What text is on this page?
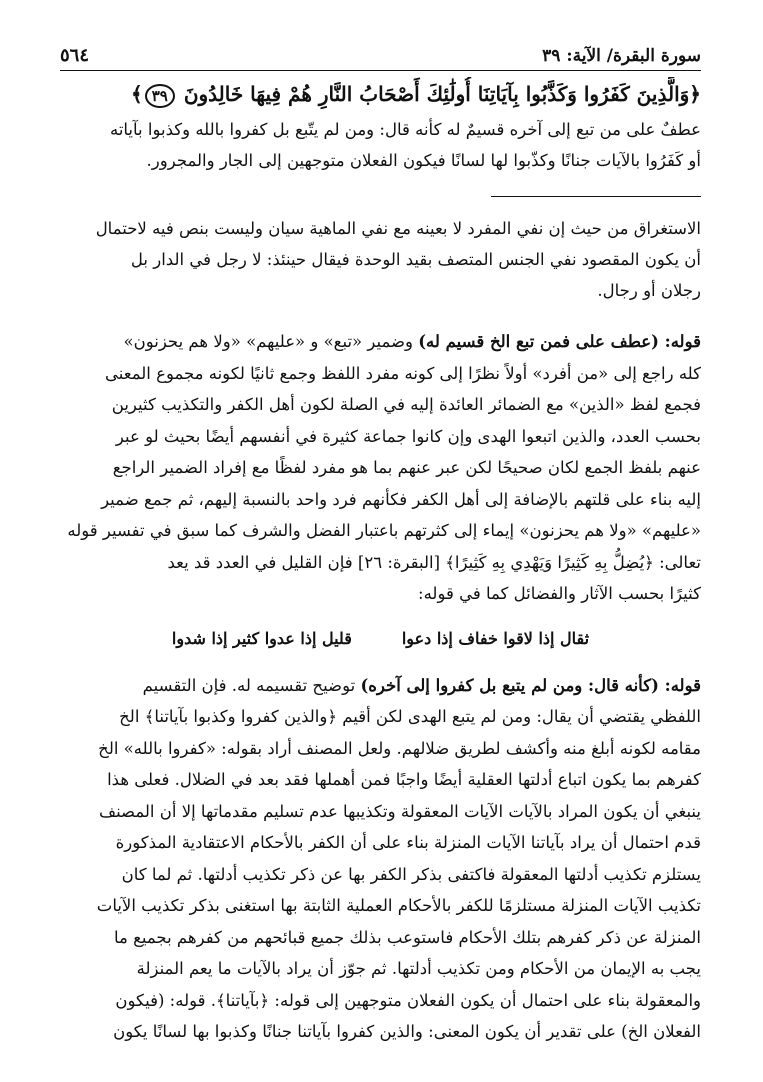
سورة البقرة/ الآية: ٣٩
٥٦٤
﴿وَالَّذِينَ كَفَرُوا وَكَذَّبُوا بِآيَاتِنَا أُولَٰئِكَ أَصْحَابُ النَّارِ هُمْ فِيهَا خَالِدُونَ ٣٩﴾

عطفٌ على من تبع إلى آخره قسيمٌ له كأنه قال: ومن لم يتّبع بل كفروا بالله وكذبوا بآياته

أو كَفَرُوا بالآيات جنانًا وكذّبوا لها لسانًا فيكون الفعلان متوجهين إلى الجار والمجرور.

الاستغراق من حيث إن نفي المفرد لا بعينه مع نفي الماهية سيان وليست بنص فيه لاحتمال

أن يكون المقصود نفي الجنس المتصف بقيد الوحدة فيقال حينئذ: لا رجل في الدار بل

رجلان أو رجال.

قوله: (عطف على فمن تبع الخ قسيم له) وضمير «تبع» و «عليهم» «ولا هم يحزنون»

كله راجع إلى «من أفرد» أولاً نظرًا إلى كونه مفرد اللفظ وجمع ثانيًا لكونه مجموع المعنى

فجمع لفظ «الذين» مع الضمائر العائدة إليه في الصلة لكون أهل الكفر والتكذيب كثيرين

بحسب العدد، والذين اتبعوا الهدى وإن كانوا جماعة كثيرة في أنفسهم أيضًا بحيث لو عبر

عنهم بلفظ الجمع لكان صحيحًا لكن عبر عنهم بما هو مفرد لفظًا مع إفراد الضمير الراجع

إليه بناء على قلتهم بالإضافة إلى أهل الكفر فكأنهم فرد واحد بالنسبة إليهم، ثم جمع ضمير

«عليهم» «ولا هم يحزنون» إيماء إلى كثرتهم باعتبار الفضل والشرف كما سبق في تفسير قوله

تعالى: ﴿يُضِلُّ بِهِ كَثِيرًا وَيَهْدِي بِهِ كَثِيرًا﴾ [البقرة: ٢٦] فإن القليل في العدد قد يعد

كثيرًا بحسب الآثار والفضائل كما في قوله:

ثقال إذا لاقوا خفاف إذا دعوا
قليل إذا عدوا كثير إذا شدوا

قوله: (كأنه قال: ومن لم يتبع بل كفروا إلى آخره) توضيح تقسيمه له. فإن التقسيم

اللفظي يقتضي أن يقال: ومن لم يتبع الهدى لكن أقيم ﴿والذين كفروا وكذبوا بآياتنا﴾ الخ

مقامه لكونه أبلغ منه وأكشف لطريق ضلالهم. ولعل المصنف أراد بقوله: «كفروا بالله» الخ

كفرهم بما يكون اتباع أدلتها العقلية أيضًا واجبًا فمن أهملها فقد بعد في الضلال. فعلى هذا

ينبغي أن يكون المراد بالآيات الآيات المعقولة وتكذيبها عدم تسليم مقدماتها إلا أن المصنف

قدم احتمال أن يراد بآياتنا الآيات المنزلة بناء على أن الكفر بالأحكام الاعتقادية المذكورة

يستلزم تكذيب أدلتها المعقولة فاكتفى بذكر الكفر بها عن ذكر تكذيب أدلتها. ثم لما كان

تكذيب الآيات المنزلة مستلزمًا للكفر بالأحكام العملية الثابتة بها استغنى بذكر تكذيب الآيات

المنزلة عن ذكر كفرهم بتلك الأحكام فاستوعب بذلك جميع قبائحهم من كفرهم بجميع ما

يجب به الإيمان من الأحكام ومن تكذيب أدلتها. ثم جوّز أن يراد بالآيات ما يعم المنزلة

والمعقولة بناء على احتمال أن يكون الفعلان متوجهين إلى قوله: ﴿بآياتنا﴾. قوله: (فيكون

الفعلان الخ) على تقدير أن يكون المعنى: والذين كفروا بآياتنا جنانًا وكذبوا بها لسانًا يكون
